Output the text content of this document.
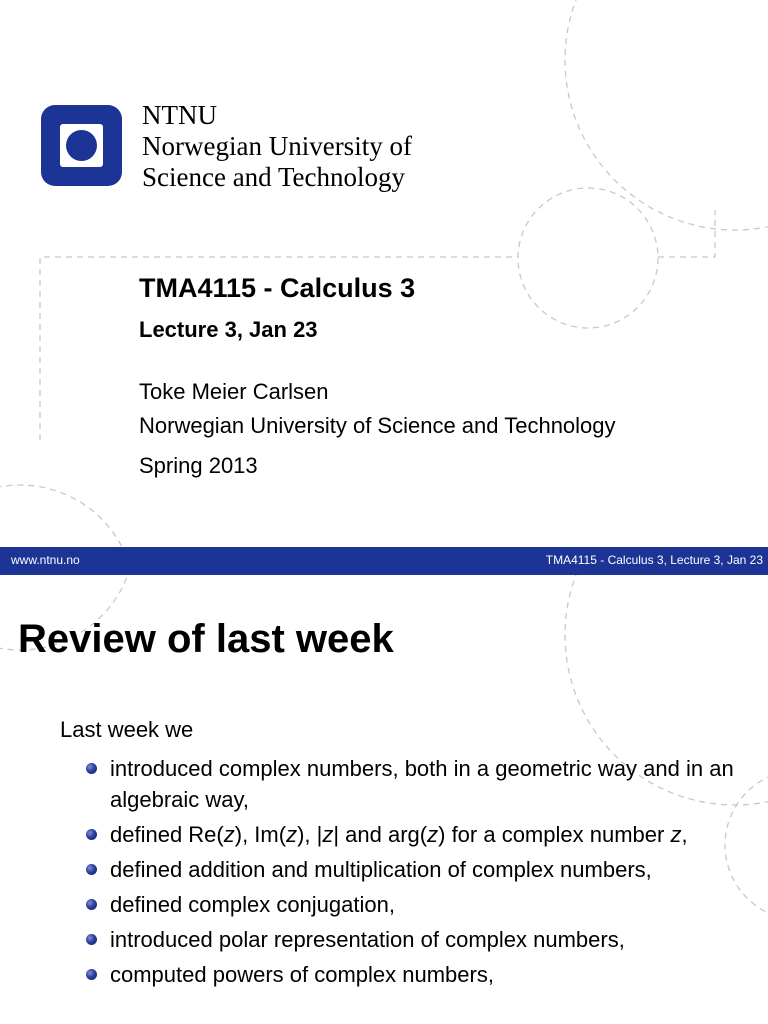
NTNU
Norwegian University of
Science and Technology
TMA4115 - Calculus 3
Lecture 3, Jan 23
Toke Meier Carlsen
Norwegian University of Science and Technology
Spring 2013
www.ntnu.no	TMA4115 - Calculus 3, Lecture 3, Jan 23
Review of last week
Last week we
introduced complex numbers, both in a geometric way and in an algebraic way,
defined Re(z), Im(z), |z| and arg(z) for a complex number z,
defined addition and multiplication of complex numbers,
defined complex conjugation,
introduced polar representation of complex numbers,
computed powers of complex numbers,
